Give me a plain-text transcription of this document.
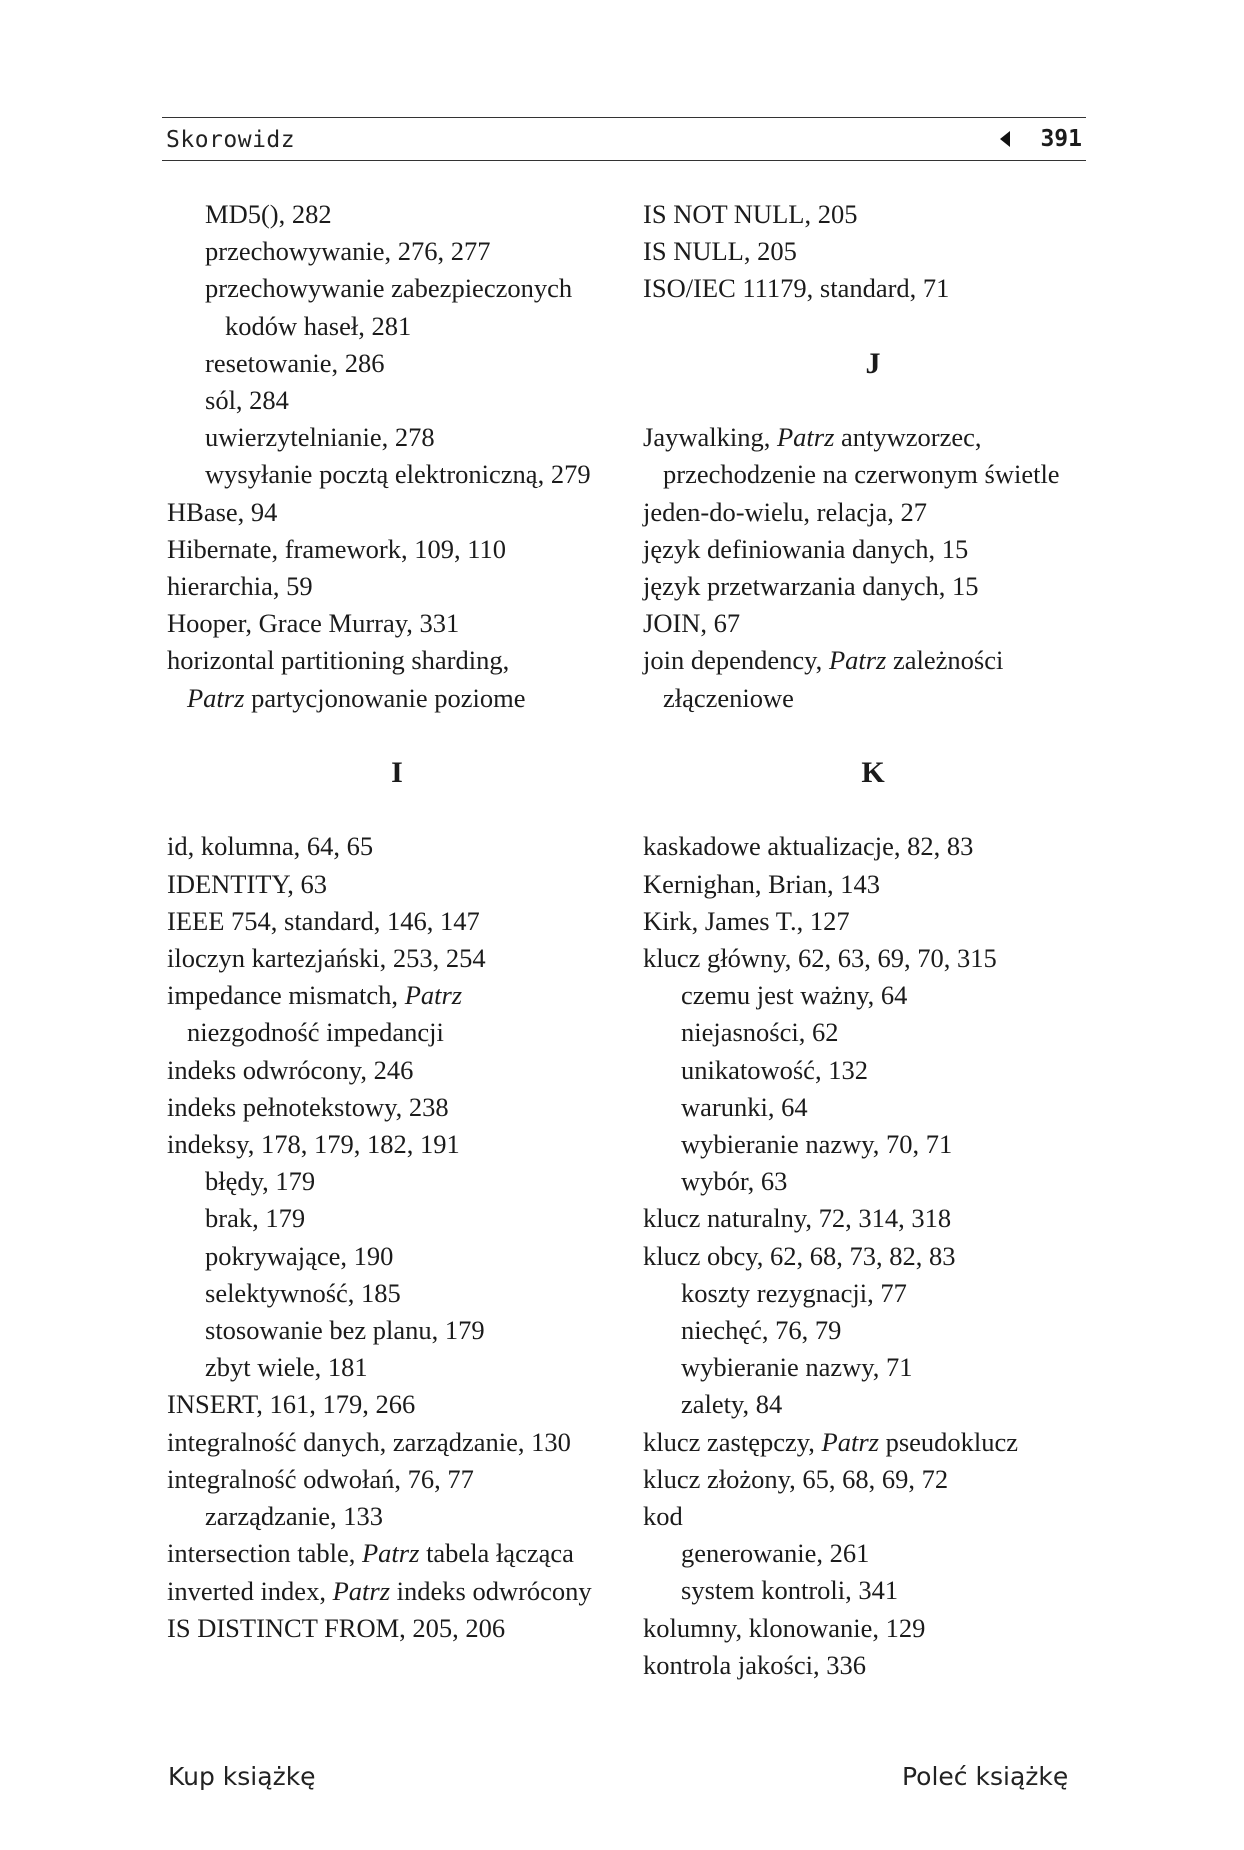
Skorowidz	391
MD5(), 282
przechowywanie, 276, 277
przechowywanie zabezpieczonych
kodów haseł, 281
resetowanie, 286
sól, 284
uwierzytelnianie, 278
wysyłanie pocztą elektroniczną, 279
HBase, 94
Hibernate, framework, 109, 110
hierarchia, 59
Hooper, Grace Murray, 331
horizontal partitioning sharding,
Patrz partycjonowanie poziome
I
id, kolumna, 64, 65
IDENTITY, 63
IEEE 754, standard, 146, 147
iloczyn kartezjański, 253, 254
impedance mismatch, Patrz
niezgodność impedancji
indeks odwrócony, 246
indeks pełnotekstowy, 238
indeksy, 178, 179, 182, 191
błędy, 179
brak, 179
pokrywające, 190
selektywność, 185
stosowanie bez planu, 179
zbyt wiele, 181
INSERT, 161, 179, 266
integralność danych, zarządzanie, 130
integralność odwołań, 76, 77
zarządzanie, 133
intersection table, Patrz tabela łącząca
inverted index, Patrz indeks odwrócony
IS DISTINCT FROM, 205, 206
IS NOT NULL, 205
IS NULL, 205
ISO/IEC 11179, standard, 71
J
Jaywalking, Patrz antywzorzec,
przechodzenie na czerwonym świetle
jeden-do-wielu, relacja, 27
język definiowania danych, 15
język przetwarzania danych, 15
JOIN, 67
join dependency, Patrz zależności
złączeniowe
K
kaskadowe aktualizacje, 82, 83
Kernighan, Brian, 143
Kirk, James T., 127
klucz główny, 62, 63, 69, 70, 315
czemu jest ważny, 64
niejasności, 62
unikatowość, 132
warunki, 64
wybieranie nazwy, 70, 71
wybór, 63
klucz naturalny, 72, 314, 318
klucz obcy, 62, 68, 73, 82, 83
koszty rezygnacji, 77
niechęć, 76, 79
wybieranie nazwy, 71
zalety, 84
klucz zastępczy, Patrz pseudoklucz
klucz złożony, 65, 68, 69, 72
kod
generowanie, 261
system kontroli, 341
kolumny, klonowanie, 129
kontrola jakości, 336
Kup książkę	Poleć książkę
